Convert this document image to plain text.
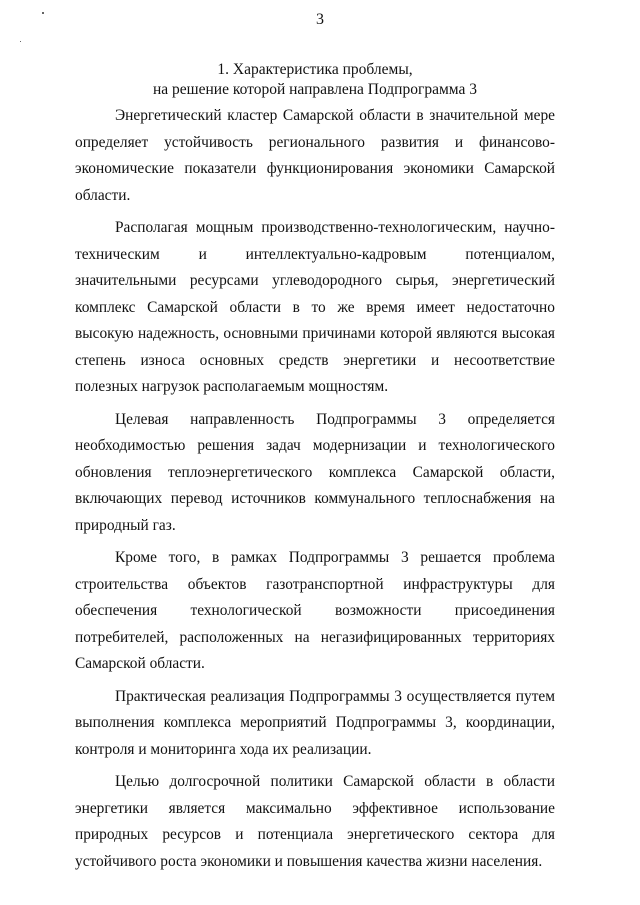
3
1. Характеристика проблемы,
на решение которой направлена Подпрограмма 3

Энергетический кластер Самарской области в значительной мере определяет устойчивость регионального развития и финансово-экономические показатели функционирования экономики Самарской области.

Располагая мощным производственно-технологическим, научно-техническим и интеллектуально-кадровым потенциалом, значительными ресурсами углеводородного сырья, энергетический комплекс Самарской области в то же время имеет недостаточно высокую надежность, основными причинами которой являются высокая степень износа основных средств энергетики и несоответствие полезных нагрузок располагаемым мощностям.

Целевая направленность Подпрограммы 3 определяется необходимостью решения задач модернизации и технологического обновления теплоэнергетического комплекса Самарской области, включающих перевод источников коммунального теплоснабжения на природный газ.

Кроме того, в рамках Подпрограммы 3 решается проблема строительства объектов газотранспортной инфраструктуры для обеспечения технологической возможности присоединения потребителей, расположенных на негазифицированных территориях Самарской области.

Практическая реализация Подпрограммы 3 осуществляется путем выполнения комплекса мероприятий Подпрограммы 3, координации, контроля и мониторинга хода их реализации.

Целью долгосрочной политики Самарской области в области энергетики является максимально эффективное использование природных ресурсов и потенциала энергетического сектора для устойчивого роста экономики и повышения качества жизни населения.
